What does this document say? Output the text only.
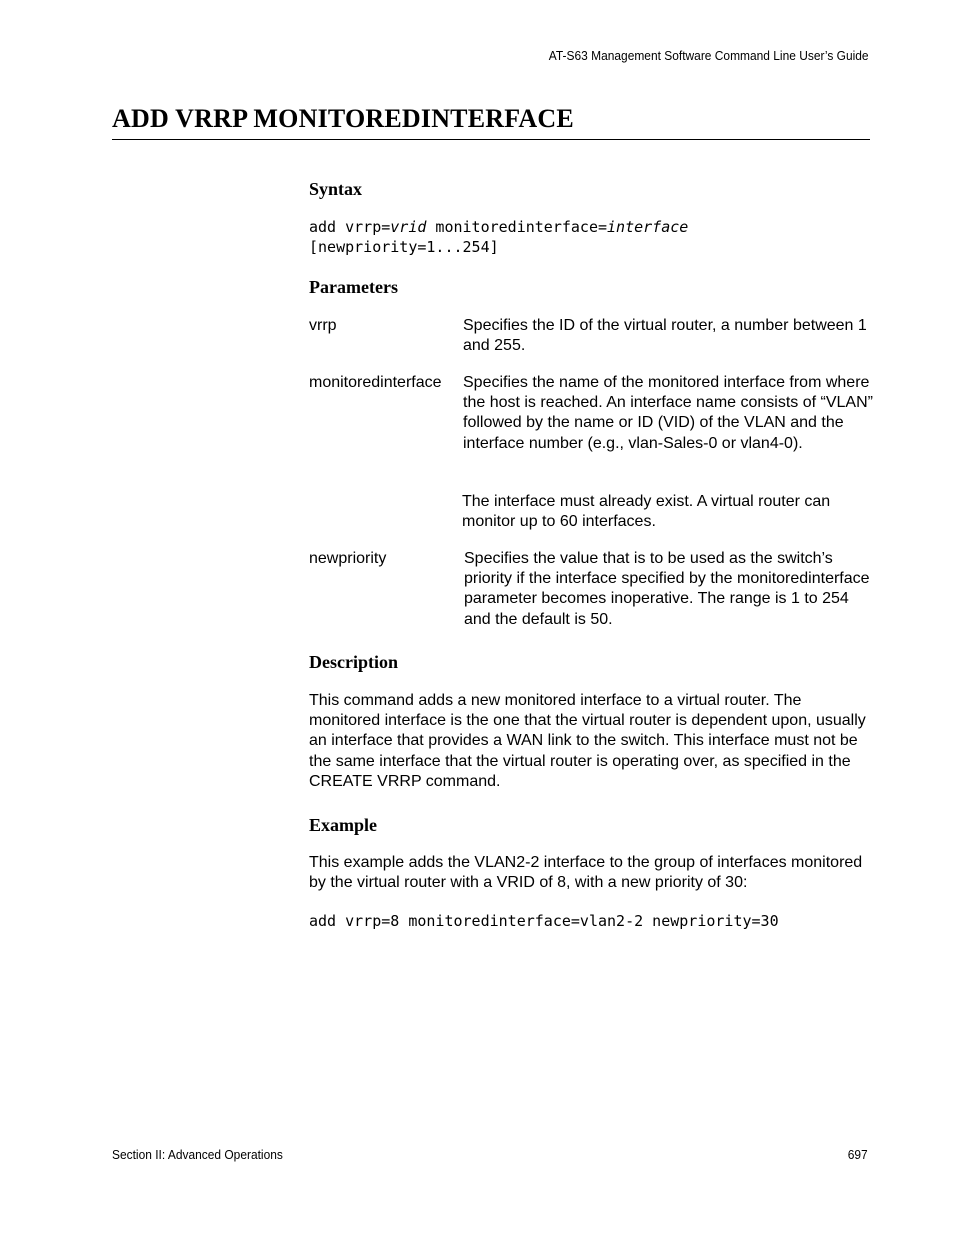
AT-S63 Management Software Command Line User’s Guide
ADD VRRP MONITOREDINTERFACE
Syntax
add vrrp=vrid monitoredinterface=interface
[newpriority=1...254]
Parameters
vrrp	Specifies the ID of the virtual router, a number between 1 and 255.
monitoredinterface Specifies the name of the monitored interface from where the host is reached. An interface name consists of “VLAN” followed by the name or ID (VID) of the VLAN and the interface number (e.g., vlan-Sales-0 or vlan4-0).
The interface must already exist. A virtual router can monitor up to 60 interfaces.
newpriority	Specifies the value that is to be used as the switch’s priority if the interface specified by the monitoredinterface parameter becomes inoperative. The range is 1 to 254 and the default is 50.
Description
This command adds a new monitored interface to a virtual router. The monitored interface is the one that the virtual router is dependent upon, usually an interface that provides a WAN link to the switch. This interface must not be the same interface that the virtual router is operating over, as specified in the CREATE VRRP command.
Example
This example adds the VLAN2-2 interface to the group of interfaces monitored by the virtual router with a VRID of 8, with a new priority of 30:
add vrrp=8 monitoredinterface=vlan2-2 newpriority=30
Section II: Advanced Operations	697
